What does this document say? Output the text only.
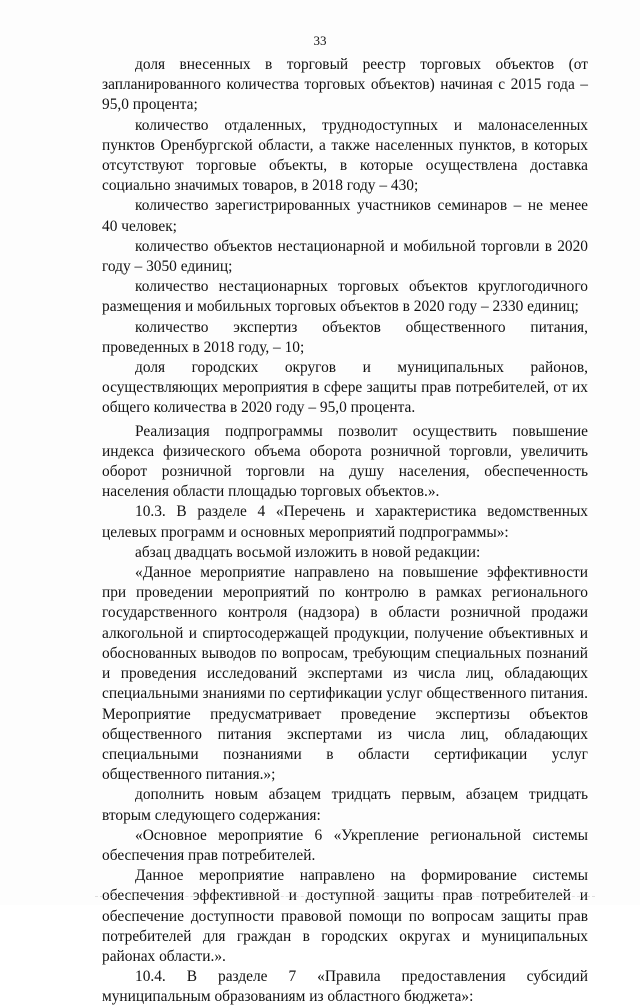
33

доля внесенных в торговый реестр торговых объектов (от запланированного количества торговых объектов) начиная с 2015 года – 95,0 процента;

количество отдаленных, труднодоступных и малонаселенных пунктов Оренбургской области, а также населенных пунктов, в которых отсутствуют торговые объекты, в которые осуществлена доставка социально значимых товаров, в 2018 году – 430;

количество зарегистрированных участников семинаров – не менее 40 человек;

количество объектов нестационарной и мобильной торговли в 2020 году – 3050 единиц;

количество нестационарных торговых объектов круглогодичного размещения и мобильных торговых объектов в 2020 году – 2330 единиц;

количество экспертиз объектов общественного питания, проведенных в 2018 году, – 10;

доля городских округов и муниципальных районов, осуществляющих мероприятия в сфере защиты прав потребителей, от их общего количества в 2020 году – 95,0 процента.

Реализация подпрограммы позволит осуществить повышение индекса физического объема оборота розничной торговли, увеличить оборот розничной торговли на душу населения, обеспеченность населения области площадью торговых объектов.».

10.3. В разделе 4 «Перечень и характеристика ведомственных целевых программ и основных мероприятий подпрограммы»:

абзац двадцать восьмой изложить в новой редакции:

«Данное мероприятие направлено на повышение эффективности при проведении мероприятий по контролю в рамках регионального государственного контроля (надзора) в области розничной продажи алкогольной и спиртосодержащей продукции, получение объективных и обоснованных выводов по вопросам, требующим специальных познаний и проведения исследований экспертами из числа лиц, обладающих специальными знаниями по сертификации услуг общественного питания. Мероприятие предусматривает проведение экспертизы объектов общественного питания экспертами из числа лиц, обладающих специальными познаниями в области сертификации услуг общественного питания.»;

дополнить новым абзацем тридцать первым, абзацем тридцать вторым следующего содержания:

«Основное мероприятие 6 «Укрепление региональной системы обеспечения прав потребителей.

Данное мероприятие направлено на формирование системы обеспечения эффективной и доступной защиты прав потребителей и обеспечение доступности правовой помощи по вопросам защиты прав потребителей для граждан в городских округах и муниципальных районах области.».

10.4. В разделе 7 «Правила предоставления субсидий муниципальным образованиям из областного бюджета»:
